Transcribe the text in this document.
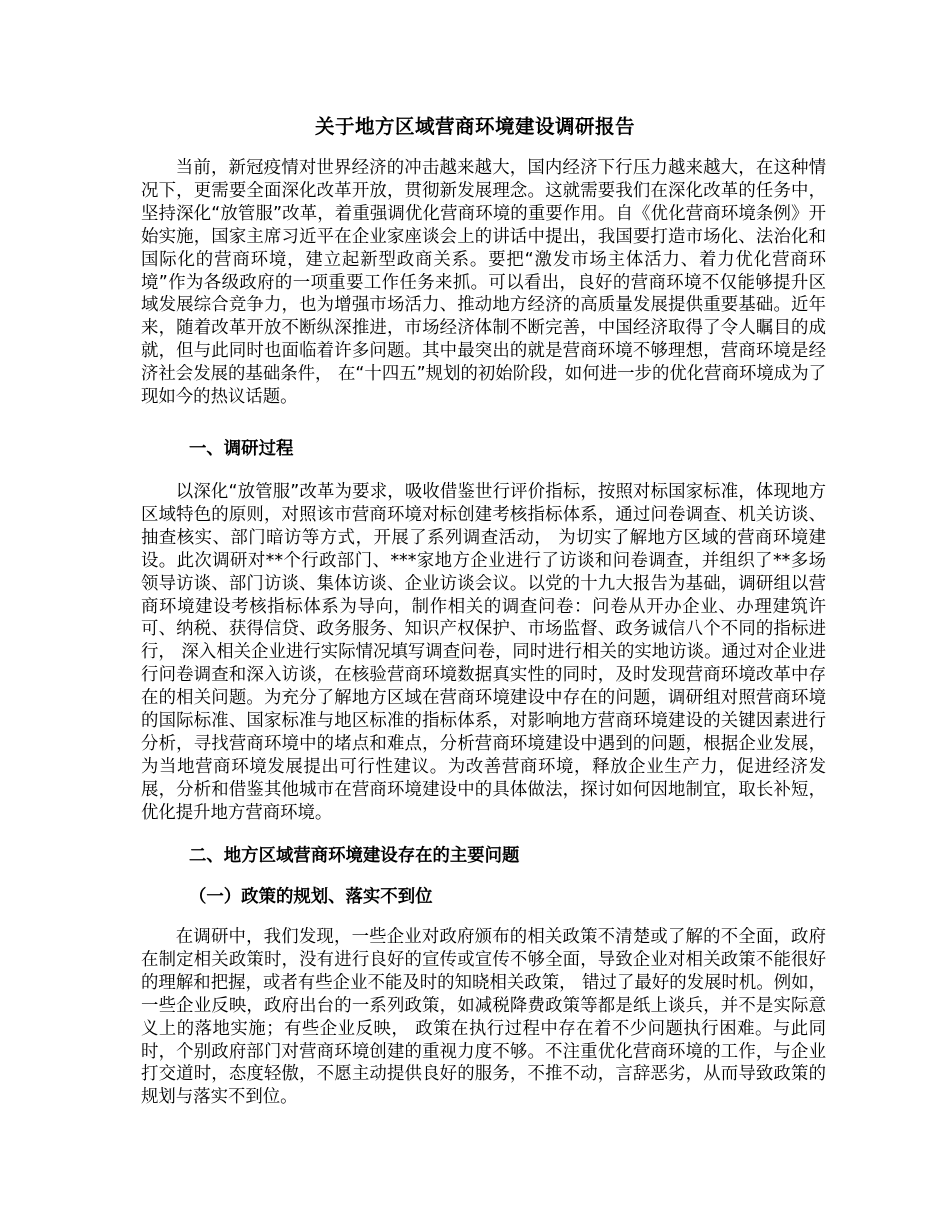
关于地方区域营商环境建设调研报告

当前，新冠疫情对世界经济的冲击越来越大，国内经济下行压力越来越大，在这种情况下，更需要全面深化改革开放，贯彻新发展理念。这就需要我们在深化改革的任务中，坚持深化“放管服”改革，着重强调优化营商环境的重要作用。自《优化营商环境条例》开始实施，国家主席习近平在企业家座谈会上的讲话中提出，我国要打造市场化、法治化和国际化的营商环境，建立起新型政商关系。要把“激发市场主体活力、着力优化营商环境”作为各级政府的一项重要工作任务来抓。可以看出，良好的营商环境不仅能够提升区域发展综合竞争力，也为增强市场活力、推动地方经济的高质量发展提供重要基础。近年来，随着改革开放不断纵深推进，市场经济体制不断完善，中国经济取得了令人瞩目的成就，但与此同时也面临着许多问题。其中最突出的就是营商环境不够理想，营商环境是经济社会发展的基础条件， 在“十四五”规划的初始阶段，如何进一步的优化营商环境成为了现如今的热议话题。

一、调研过程

以深化“放管服”改革为要求，吸收借鉴世行评价指标，按照对标国家标准，体现地方区域特色的原则，对照该市营商环境对标创建考核指标体系，通过问卷调查、机关访谈、抽查核实、部门暗访等方式，开展了系列调查活动， 为切实了解地方区域的营商环境建设。此次调研对**个行政部门、***家地方企业进行了访谈和问卷调查，并组织了**多场领导访谈、部门访谈、集体访谈、企业访谈会议。以党的十九大报告为基础，调研组以营商环境建设考核指标体系为导向，制作相关的调查问卷：问卷从开办企业、办理建筑许可、纳税、获得信贷、政务服务、知识产权保护、市场监督、政务诚信八个不同的指标进行， 深入相关企业进行实际情况填写调查问卷，同时进行相关的实地访谈。通过对企业进行问卷调查和深入访谈，在核验营商环境数据真实性的同时，及时发现营商环境改革中存在的相关问题。为充分了解地方区域在营商环境建设中存在的问题，调研组对照营商环境的国际标准、国家标准与地区标准的指标体系，对影响地方营商环境建设的关键因素进行分析，寻找营商环境中的堵点和难点，分析营商环境建设中遇到的问题，根据企业发展，为当地营商环境发展提出可行性建议。为改善营商环境，释放企业生产力，促进经济发展，分析和借鉴其他城市在营商环境建设中的具体做法，探讨如何因地制宜，取长补短，优化提升地方营商环境。

二、地方区域营商环境建设存在的主要问题
（一）政策的规划、落实不到位

在调研中，我们发现，一些企业对政府颁布的相关政策不清楚或了解的不全面，政府在制定相关政策时，没有进行良好的宣传或宣传不够全面，导致企业对相关政策不能很好的理解和把握，或者有些企业不能及时的知晓相关政策， 错过了最好的发展时机。例如，一些企业反映，政府出台的一系列政策，如减税降费政策等都是纸上谈兵，并不是实际意义上的落地实施；有些企业反映， 政策在执行过程中存在着不少问题执行困难。与此同时，个别政府部门对营商环境创建的重视力度不够。不注重优化营商环境的工作，与企业打交道时，态度轻傲，不愿主动提供良好的服务，不推不动，言辞恶劣，从而导致政策的规划与落实不到位。
